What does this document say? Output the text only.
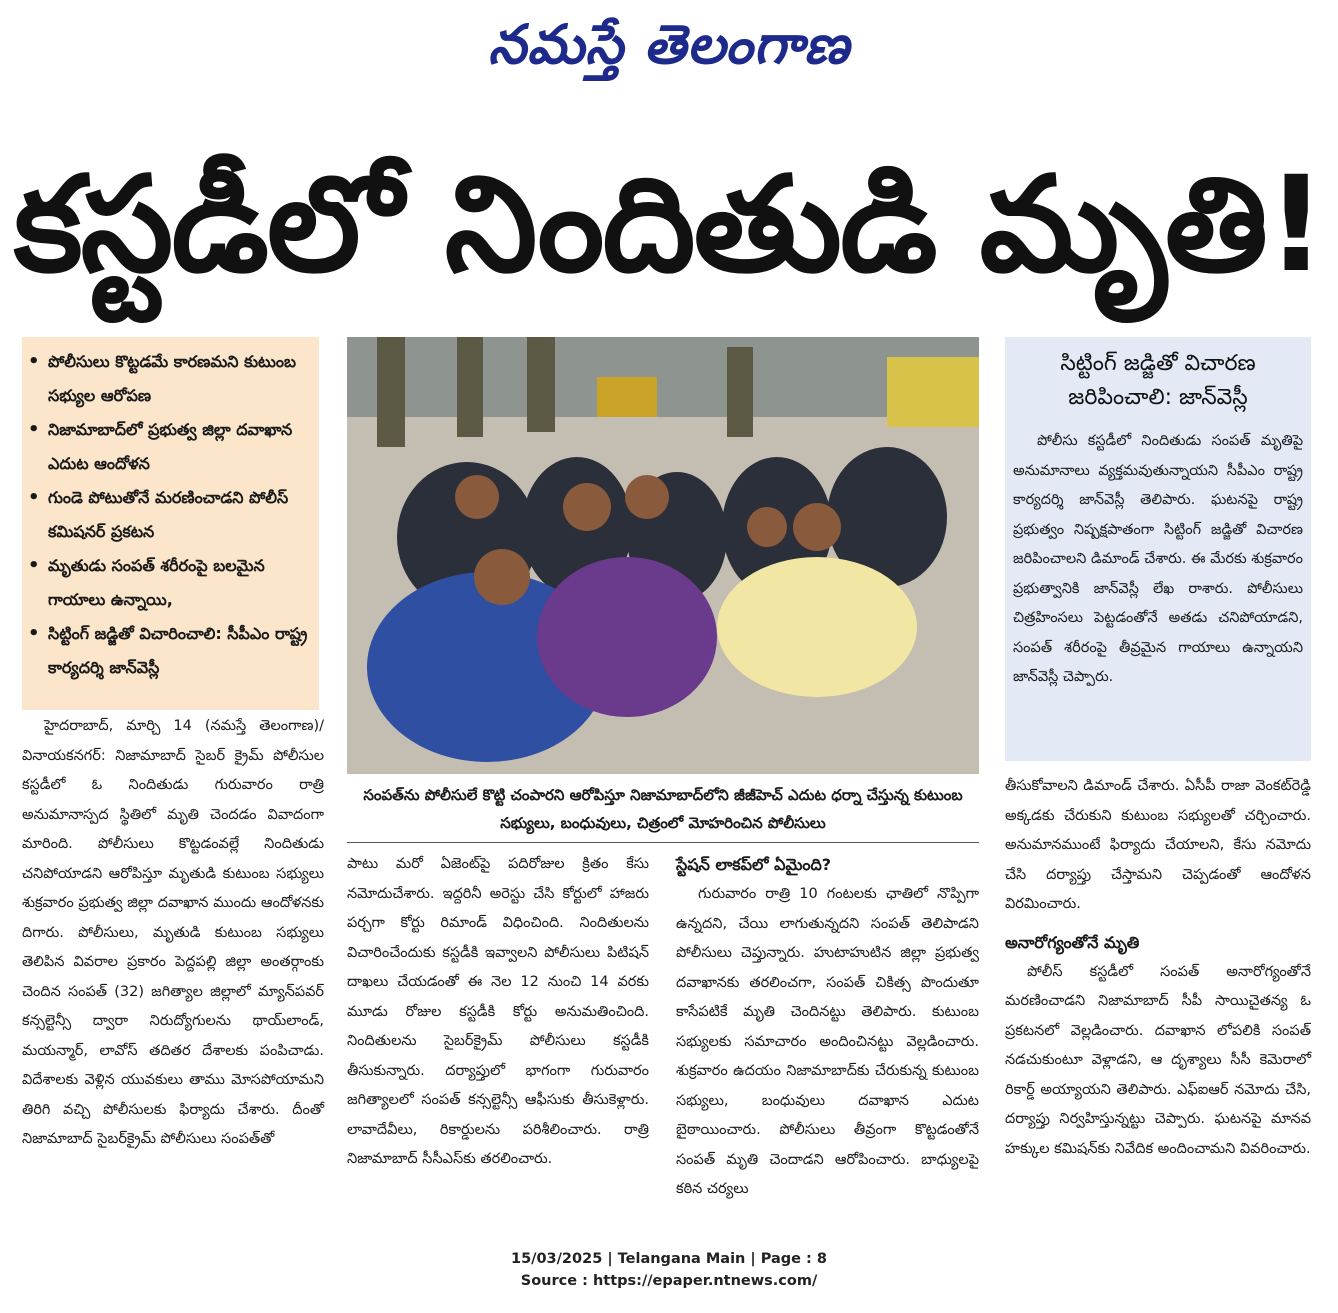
నమస్తే తెలంగాణ
కస్టడీలో నిందితుడి మృతి!
• పోలీసులు కొట్టడమే కారణమని కుటుంబ సభ్యుల ఆరోపణ
• నిజామాబాద్‌లో ప్రభుత్వ జిల్లా దవాఖాన ఎదుట ఆందోళన
• గుండె పోటుతోనే మరణించాడని పోలీస్ కమిషనర్ ప్రకటన
• మృతుడు సంపత్ శరీరంపై బలమైన గాయాలు ఉన్నాయి,
• సిట్టింగ్ జడ్జితో విచారించాలి: సీపీఎం రాష్ట్ర కార్యదర్శి జాన్‌వెస్లీ
సంపత్‌ను పోలీసులే కొట్టి చంపారని ఆరోపిస్తూ నిజామాబాద్‌లోని జీజీహెచ్ ఎదుట ధర్నా చేస్తున్న కుటుంబ సభ్యులు, బంధువులు, చిత్రంలో మోహరించిన పోలీసులు
సిట్టింగ్ జడ్జితో విచారణ జరిపించాలి: జాన్‌వెస్లీ
పోలీసు కస్టడీలో నిందితుడు సంపత్ మృతిపై అనుమానాలు వ్యక్తమవుతున్నాయని సీపీఎం రాష్ట్ర కార్యదర్శి జాన్‌వెస్లీ తెలిపారు. ఘటనపై రాష్ట్ర ప్రభుత్వం నిష్పక్షపాతంగా సిట్టింగ్ జడ్జితో విచారణ జరిపించాలని డిమాండ్ చేశారు. ఈ మేరకు శుక్రవారం ప్రభుత్వానికి జాన్‌వెస్లీ లేఖ రాశారు. పోలీసులు చిత్రహింసలు పెట్టడంతోనే అతడు చనిపోయాడని, సంపత్ శరీరంపై తీవ్రమైన గాయాలు ఉన్నాయని జాన్‌వెస్లీ చెప్పారు.

హైదరాబాద్, మార్చి 14 (నమస్తే తెలంగాణ)/వినాయకనగర్: నిజామాబాద్ సైబర్ క్రైమ్ పోలీసుల కస్టడీలో ఓ నిందితుడు గురువారం రాత్రి అనుమానాస్పద స్థితిలో మృతి చెందడం వివాదంగా మారింది. పోలీసులు కొట్టడంవల్లే నిందితుడు చనిపోయాడని ఆరోపిస్తూ మృతుడి కుటుంబ సభ్యులు శుక్రవారం ప్రభుత్వ జిల్లా దవాఖాన ముందు ఆందోళనకు దిగారు. పోలీసులు, మృతుడి కుటుంబ సభ్యులు తెలిపిన వివరాల ప్రకారం పెద్దపల్లి జిల్లా అంతర్గాంకు చెందిన సంపత్ (32) జగిత్యాల జిల్లాలో మ్యాన్‌పవర్ కన్సల్టెన్సీ ద్వారా నిరుద్యోగులను థాయ్‌లాండ్, మయన్మార్, లావోస్ తదితర దేశాలకు పంపిచాడు. విదేశాలకు వెళ్లిన యువకులు తాము మోసపోయామని తిరిగి వచ్చి పోలీసులకు ఫిర్యాదు చేశారు. దీంతో నిజామాబాద్ సైబర్‌క్రైమ్ పోలీసులు సంపత్‌తో

పాటు మరో ఏజెంట్‌పై పదిరోజుల క్రితం కేసు నమోదుచేశారు. ఇద్దరినీ అరెస్టు చేసి కోర్టులో హాజరు పర్చగా కోర్టు రిమాండ్ విధించింది. నిందితులను విచారించేందుకు కస్టడీకి ఇవ్వాలని పోలీసులు పిటిషన్ దాఖలు చేయడంతో ఈ నెల 12 నుంచి 14 వరకు మూడు రోజుల కస్టడీకి కోర్టు అనుమతించింది. నిందితులను సైబర్‌క్రైమ్ పోలీసులు కస్టడీకి తీసుకున్నారు. దర్యాప్తులో భాగంగా గురువారం జగిత్యాలలో సంపత్ కన్సల్టెన్సీ ఆఫీసుకు తీసుకెళ్లారు. లావాదేవీలు, రికార్డులను పరిశీలించారు. రాత్రి నిజామాబాద్ సీసీఎస్‌కు తరలించారు.

స్టేషన్ లాకప్‌లో ఏమైంది?

గురువారం రాత్రి 10 గంటలకు ఛాతిలో నొప్పిగా ఉన్నదని, చేయి లాగుతున్నదని సంపత్ తెలిపాడని పోలీసులు చెప్తున్నారు. హుటాహుటిన జిల్లా ప్రభుత్వ దవాఖానకు తరలించగా, సంపత్ చికిత్స పొందుతూ కాసేపటికే మృతి చెందినట్టు తెలిపారు. కుటుంబ సభ్యులకు సమాచారం అందించినట్టు వెల్లడించారు. శుక్రవారం ఉదయం నిజామాబాద్‌కు చేరుకున్న కుటుంబ సభ్యులు, బంధువులు దవాఖాన ఎదుట బైఠాయించారు. పోలీసులు తీవ్రంగా కొట్టడంతోనే సంపత్ మృతి చెందాడని ఆరోపించారు. బాధ్యులపై కఠిన చర్యలు

తీసుకోవాలని డిమాండ్ చేశారు. ఏసీపీ రాజా వెంకట్‌రెడ్డి అక్కడకు చేరుకుని కుటుంబ సభ్యులతో చర్చించారు. అనుమానముంటే ఫిర్యాదు చేయాలని, కేసు నమోదు చేసి దర్యాప్తు చేస్తామని చెప్పడంతో ఆందోళన విరమించారు.

అనారోగ్యంతోనే మృతి

పోలీస్ కస్టడీలో సంపత్ అనారోగ్యంతోనే మరణించాడని నిజామాబాద్ సీపీ సాయిచైతన్య ఓ ప్రకటనలో వెల్లడించారు. దవాఖాన లోపలికి సంపత్ నడచుకుంటూ వెళ్లాడని, ఆ దృశ్యాలు సీసీ కెమెరాలో రికార్డ్ అయ్యాయని తెలిపారు. ఎఫ్ఐఆర్ నమోదు చేసి, దర్యాప్తు నిర్వహిస్తున్నట్టు చెప్పారు. ఘటనపై మానవ హక్కుల కమిషన్‌కు నివేదిక అందించామని వివరించారు.

15/03/2025 | Telangana Main | Page : 8
Source : https://epaper.ntnews.com/
